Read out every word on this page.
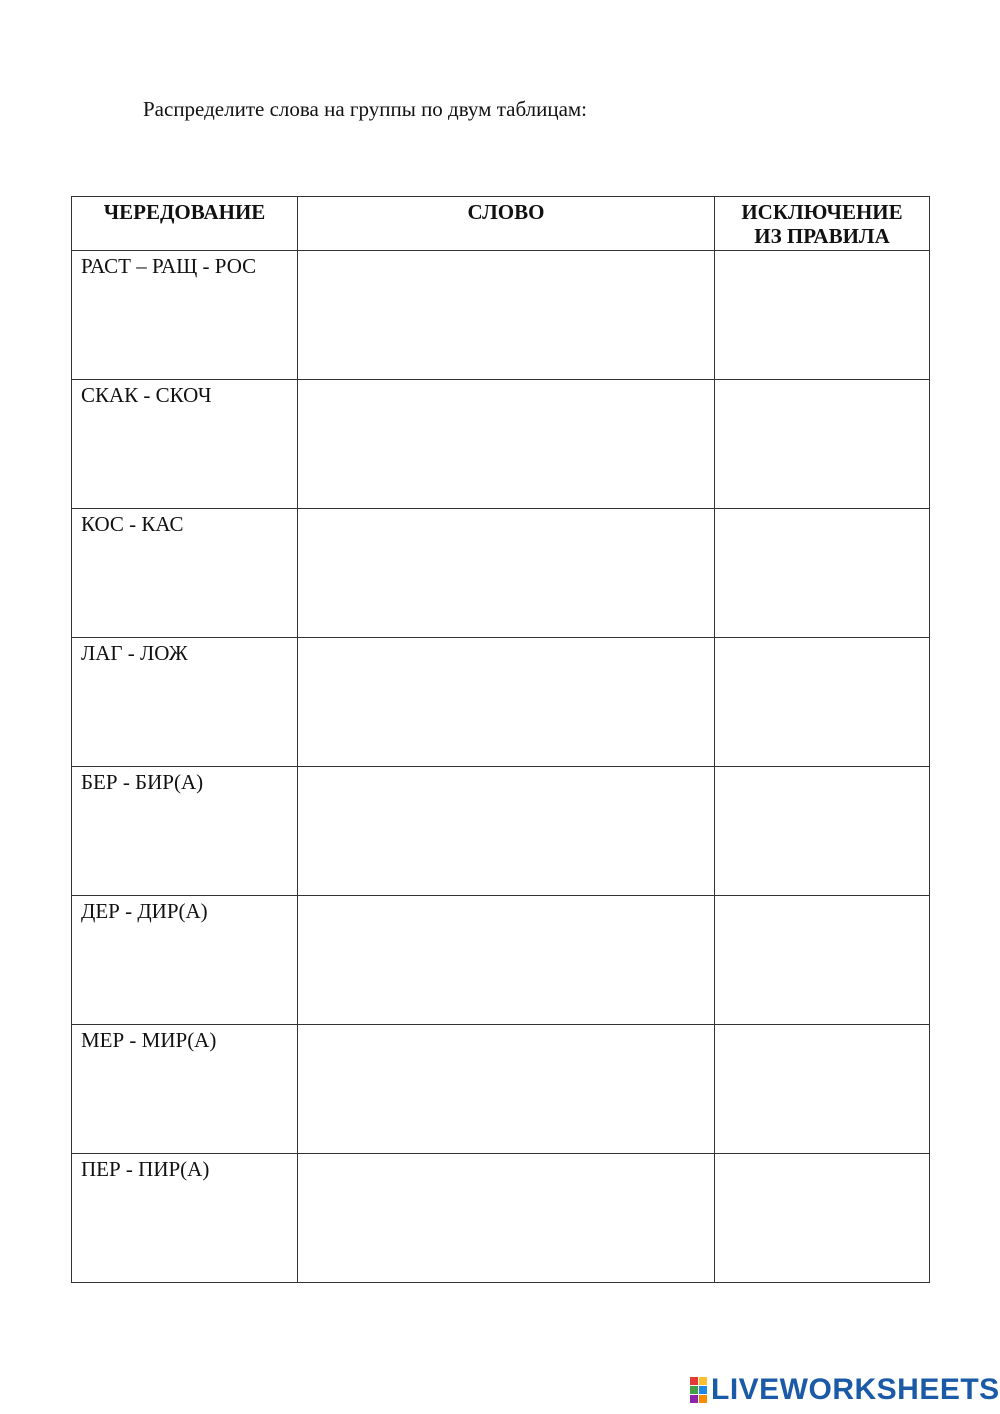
Распределите слова на группы по двум таблицам:
ЧЕРЕДОВАНИЕ	СЛОВО	ИСКЛЮЧЕНИЕ
ИЗ ПРАВИЛА

РАСТ – РАЩ - РОС		
СКАК - СКОЧ		
КОС - КАС		
ЛАГ - ЛОЖ		
БЕР - БИР(А)		
ДЕР - ДИР(А)		
МЕР - МИР(А)		
ПЕР - ПИР(А)		
LIVEWORKSHEETS
